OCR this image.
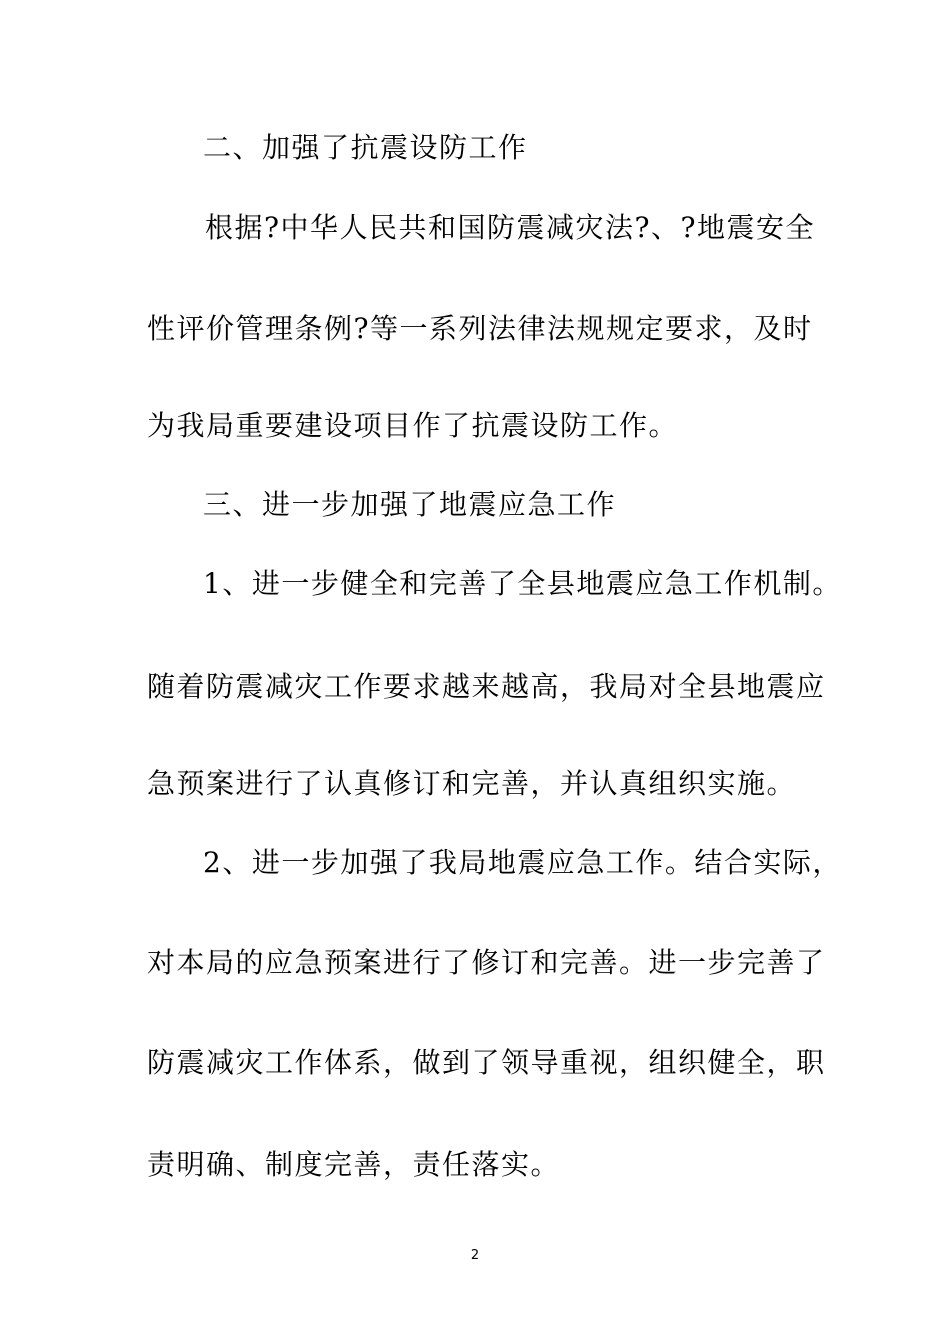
二、加强了抗震设防工作
根据?中华人民共和国防震减灾法?、?地震安全
性评价管理条例?等一系列法律法规规定要求，及时
为我局重要建设项目作了抗震设防工作。
三、进一步加强了地震应急工作
1、进一步健全和完善了全县地震应急工作机制。
随着防震减灾工作要求越来越高，我局对全县地震应
急预案进行了认真修订和完善，并认真组织实施。
2、进一步加强了我局地震应急工作。结合实际，
对本局的应急预案进行了修订和完善。进一步完善了
防震减灾工作体系，做到了领导重视，组织健全，职
责明确、制度完善，责任落实。
2
